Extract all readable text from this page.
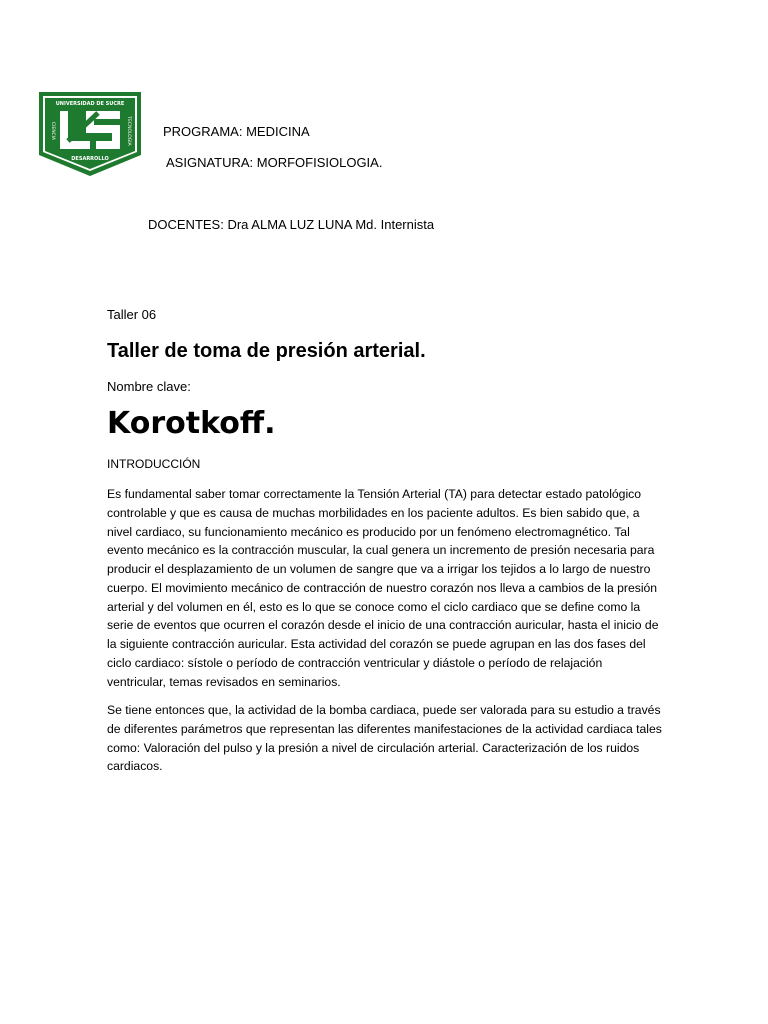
UNIVERSIDAD DE SUCRE
CIENCIA	TECNOLOGIA
DESARROLLO
PROGRAMA: MEDICINA
ASIGNATURA: MORFOFISIOLOGIA.
DOCENTES: Dra ALMA LUZ LUNA Md. Internista
Taller 06
Taller de toma de presión arterial.
Nombre clave:
Korotkoff.
INTRODUCCIÓN

Es fundamental saber tomar correctamente la Tensión Arterial (TA) para detectar estado patológico controlable y que es causa de muchas morbilidades en los paciente adultos. Es bien sabido que, a nivel cardiaco, su funcionamiento mecánico es producido por un fenómeno electromagnético. Tal evento mecánico es la contracción muscular, la cual genera un incremento de presión necesaria para producir el desplazamiento de un volumen de sangre que va a irrigar los tejidos a lo largo de nuestro cuerpo. El movimiento mecánico de contracción de nuestro corazón nos lleva a cambios de la presión arterial y del volumen en él, esto es lo que se conoce como el ciclo cardiaco que se define como la serie de eventos que ocurren el corazón desde el inicio de una contracción auricular, hasta el inicio de la siguiente contracción auricular. Esta actividad del corazón se puede agrupan en las dos fases del ciclo cardiaco: sístole o período de contracción ventricular y diástole o período de relajación ventricular, temas revisados en seminarios.

Se tiene entonces que, la actividad de la bomba cardiaca, puede ser valorada para su estudio a través de diferentes parámetros que representan las diferentes manifestaciones de la actividad cardiaca tales como: Valoración del pulso y la presión a nivel de circulación arterial. Caracterización de los ruidos cardiacos.
